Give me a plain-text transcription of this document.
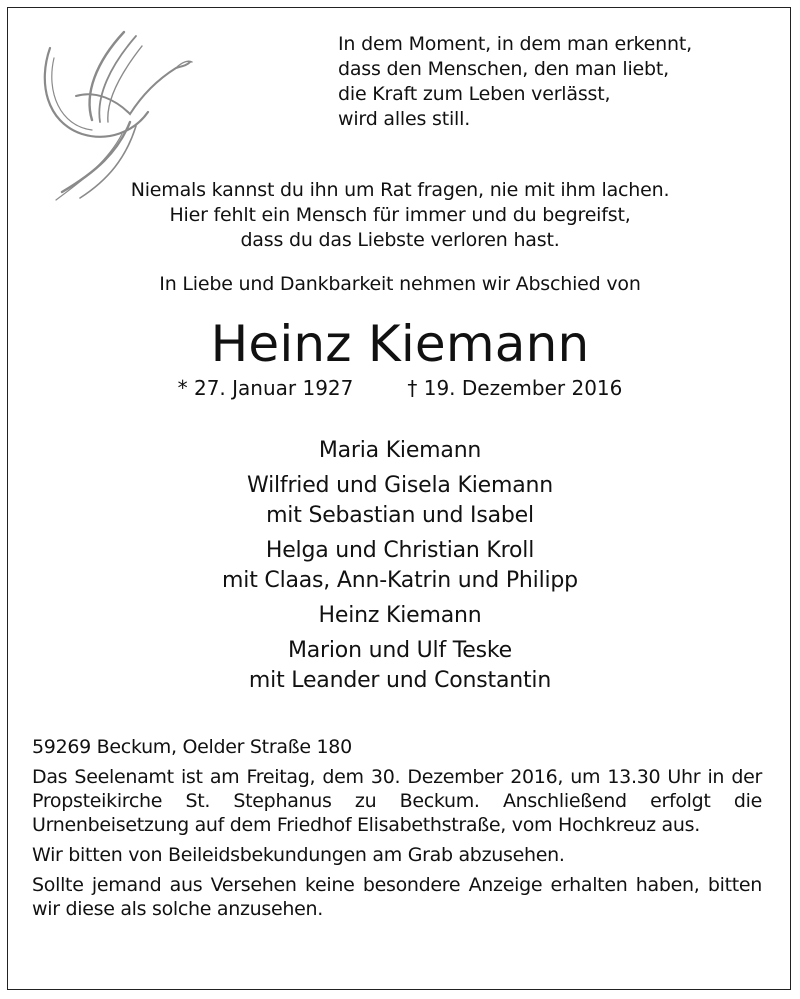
In dem Moment, in dem man erkennt,
dass den Menschen, den man liebt,
die Kraft zum Leben verlässt,
wird alles still.
Niemals kannst du ihn um Rat fragen, nie mit ihm lachen.
Hier fehlt ein Mensch für immer und du begreifst,
dass du das Liebste verloren hast.
In Liebe und Dankbarkeit nehmen wir Abschied von
Heinz Kiemann
* 27. Januar 1927	† 19. Dezember 2016
Maria Kiemann
Wilfried und Gisela Kiemann
mit Sebastian und Isabel
Helga und Christian Kroll
mit Claas, Ann-Katrin und Philipp
Heinz Kiemann
Marion und Ulf Teske
mit Leander und Constantin
59269 Beckum, Oelder Straße 180
Das Seelenamt ist am Freitag, dem 30. Dezember 2016, um 13.30 Uhr in der Propsteikirche St. Stephanus zu Beckum. Anschließend erfolgt die Urnenbeisetzung auf dem Friedhof Elisabethstraße, vom Hochkreuz aus.
Wir bitten von Beileidsbekundungen am Grab abzusehen.
Sollte jemand aus Versehen keine besondere Anzeige erhalten haben, bitten wir diese als solche anzusehen.
